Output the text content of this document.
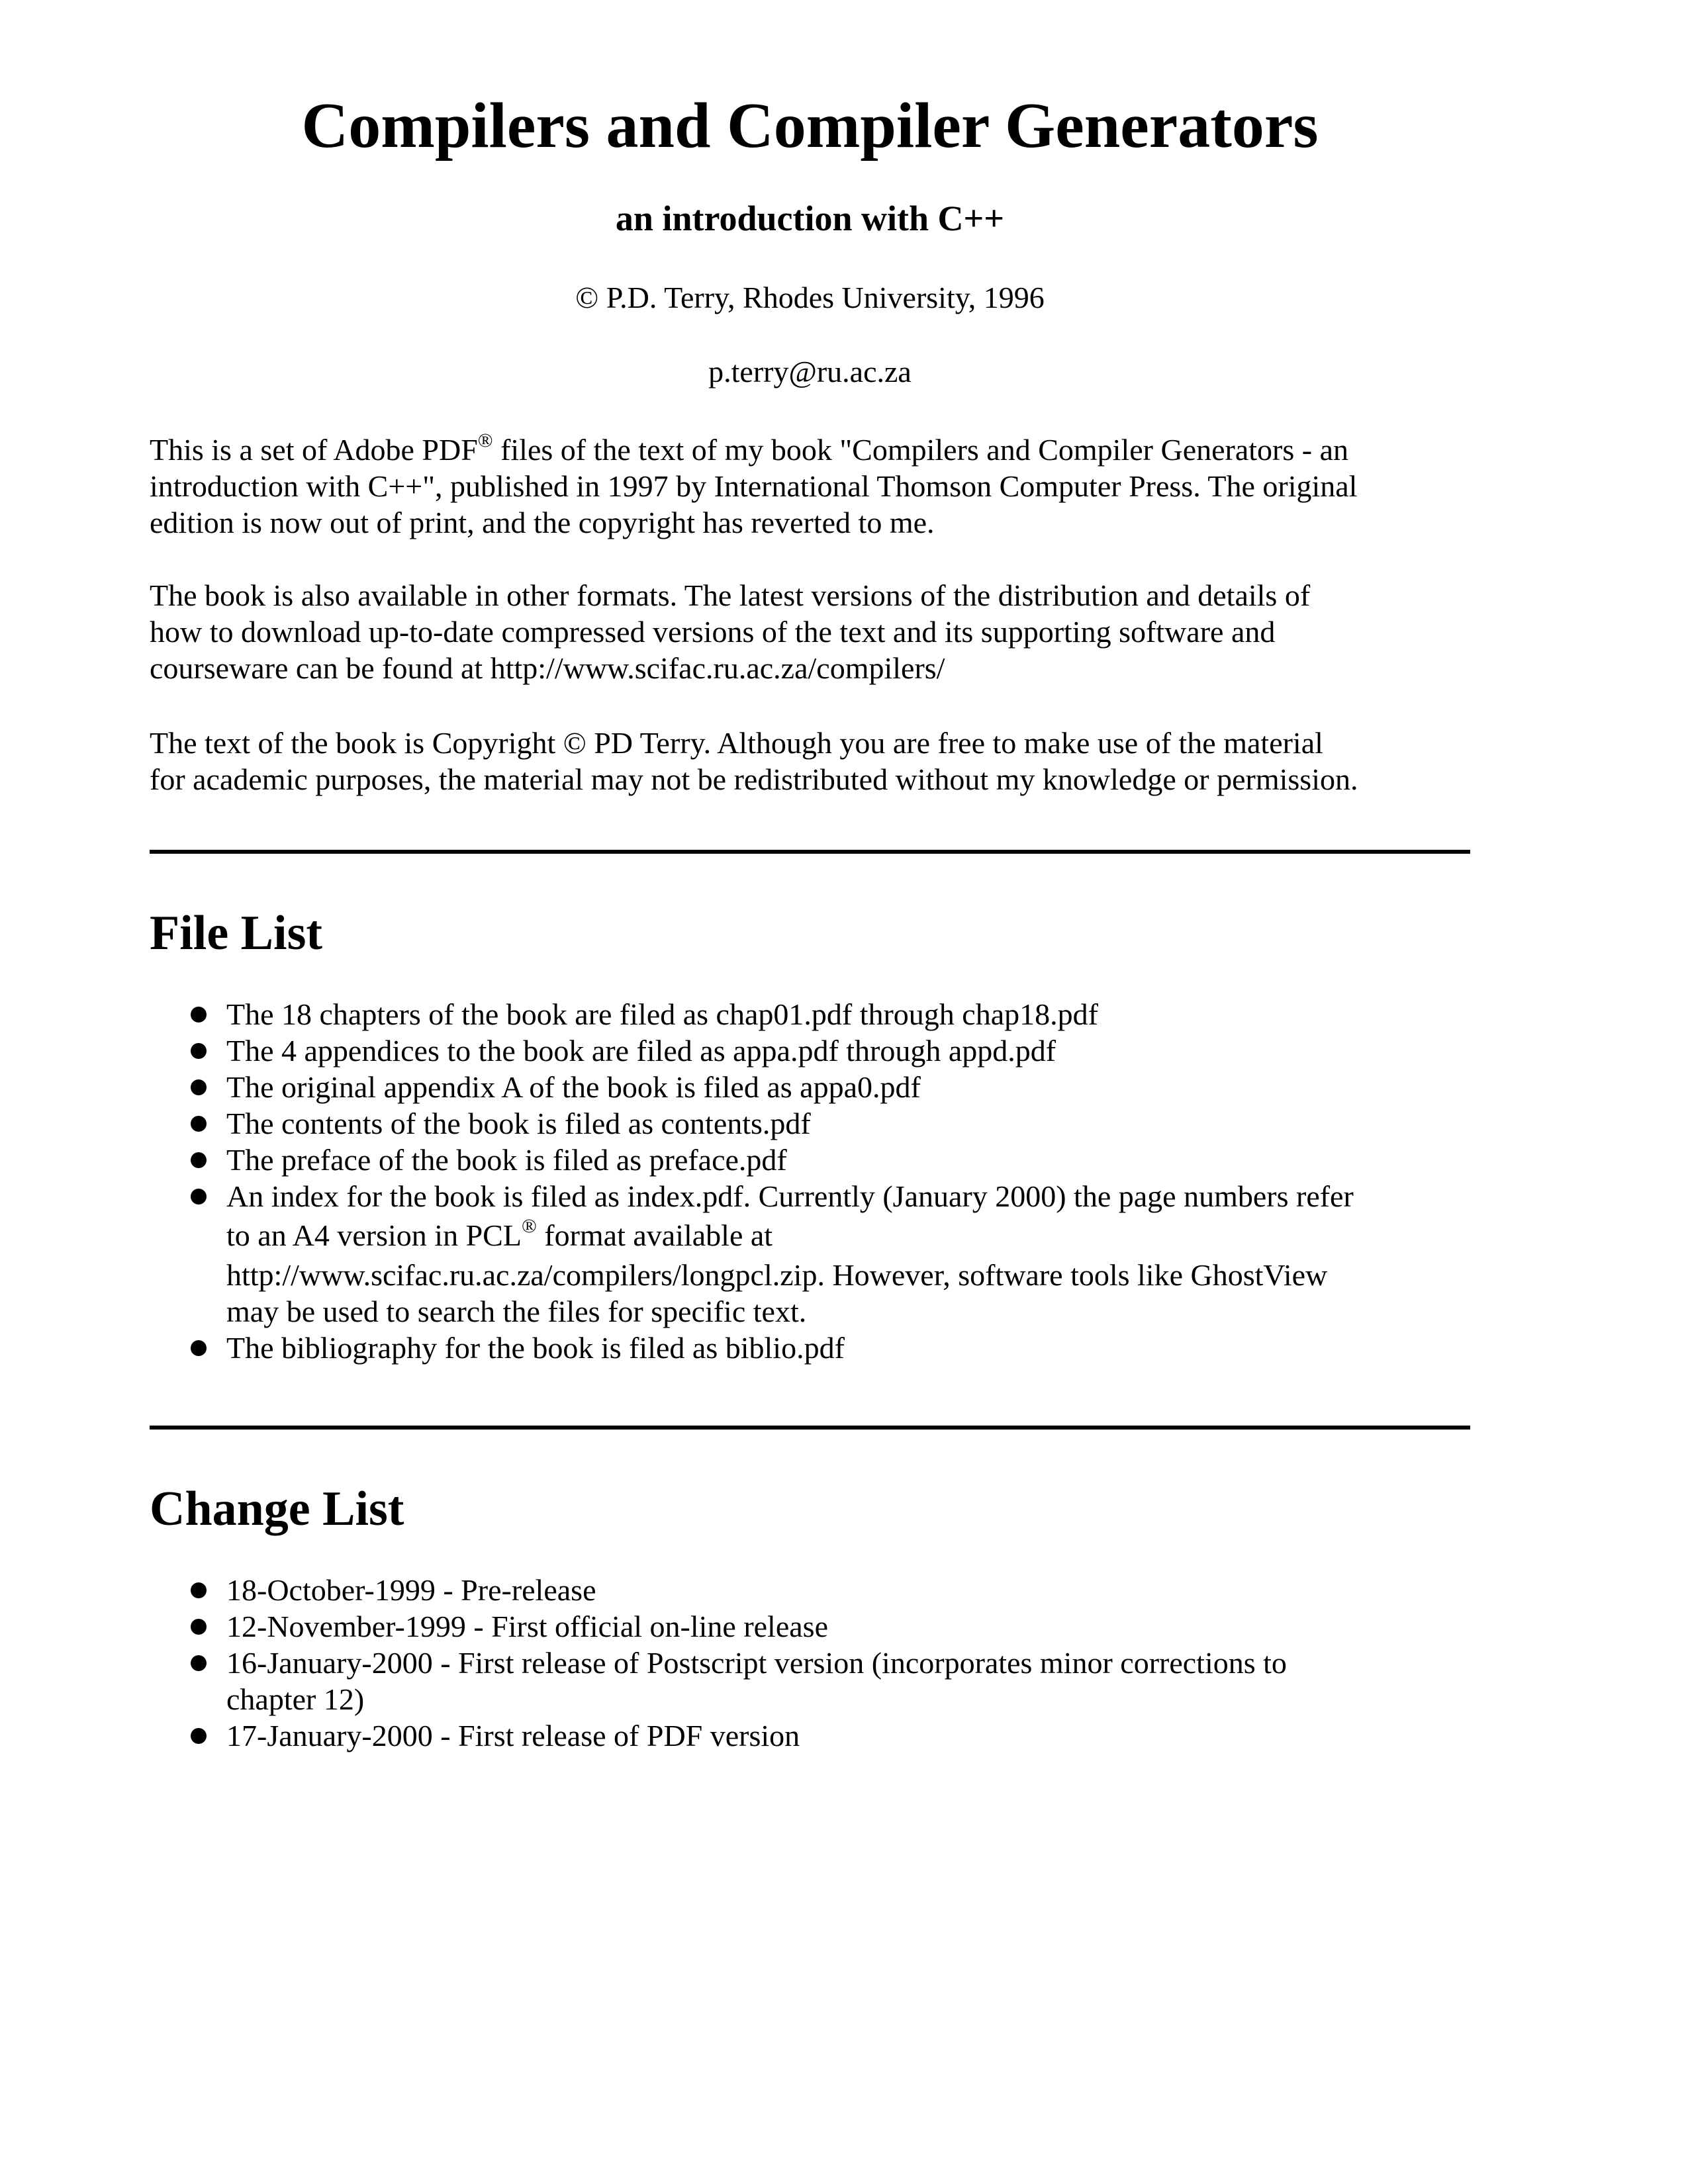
Compilers and Compiler Generators
an introduction with C++
© P.D. Terry, Rhodes University, 1996
p.terry@ru.ac.za
This is a set of Adobe PDF® files of the text of my book "Compilers and Compiler Generators - an
introduction with C++", published in 1997 by International Thomson Computer Press. The original
edition is now out of print, and the copyright has reverted to me.
The book is also available in other formats. The latest versions of the distribution and details of
how to download up-to-date compressed versions of the text and its supporting software and
courseware can be found at http://www.scifac.ru.ac.za/compilers/
The text of the book is Copyright © PD Terry. Although you are free to make use of the material
for academic purposes, the material may not be redistributed without my knowledge or permission.
File List
The 18 chapters of the book are filed as chap01.pdf through chap18.pdf
The 4 appendices to the book are filed as appa.pdf through appd.pdf
The original appendix A of the book is filed as appa0.pdf
The contents of the book is filed as contents.pdf
The preface of the book is filed as preface.pdf
An index for the book is filed as index.pdf. Currently (January 2000) the page numbers refer
to an A4 version in PCL® format available at
http://www.scifac.ru.ac.za/compilers/longpcl.zip. However, software tools like GhostView
may be used to search the files for specific text.
The bibliography for the book is filed as biblio.pdf
Change List
18-October-1999 - Pre-release
12-November-1999 - First official on-line release
16-January-2000 - First release of Postscript version (incorporates minor corrections to
chapter 12)
17-January-2000 - First release of PDF version
